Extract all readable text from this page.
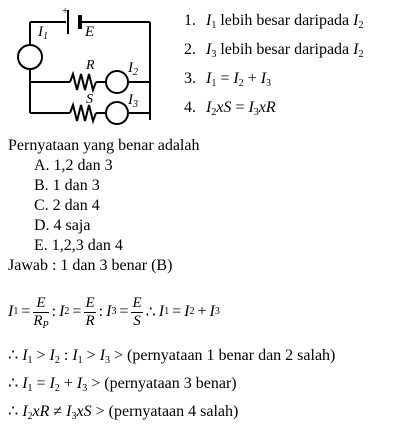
+
$I_1$ E
R
S
$I_2$
$I_3$
1. $I_1$ lebih besar daripada $I_2$
2. $I_3$ lebih besar daripada $I_2$
3. $I_1 = I_2 + I_3$
4. $I_2xS = I_3xR$
Pernyataan yang benar adalah
A. 1,2 dan 3
B. 1 dan 3
C. 2 dan 4
D. 4 saja
E. 1,2,3 dan 4
Jawab : 1 dan 3 benar (B)
I $1 = \frac{E}{R_P}$ : I $2 = \frac{E}{R}$ : I $3 = \frac{E}{S}$ ∴ I 1 = I 2 + I 3
∴ $I_1 > I_2$ : $I_1 > I_3$ > (pernyataan 1 benar dan 2 salah)
∴ $I_1 = I_2 + I_3$ > (pernyataan 3 benar)
∴ $I_2xR \ne I_3xS$ > (pernyataan 4 salah)
